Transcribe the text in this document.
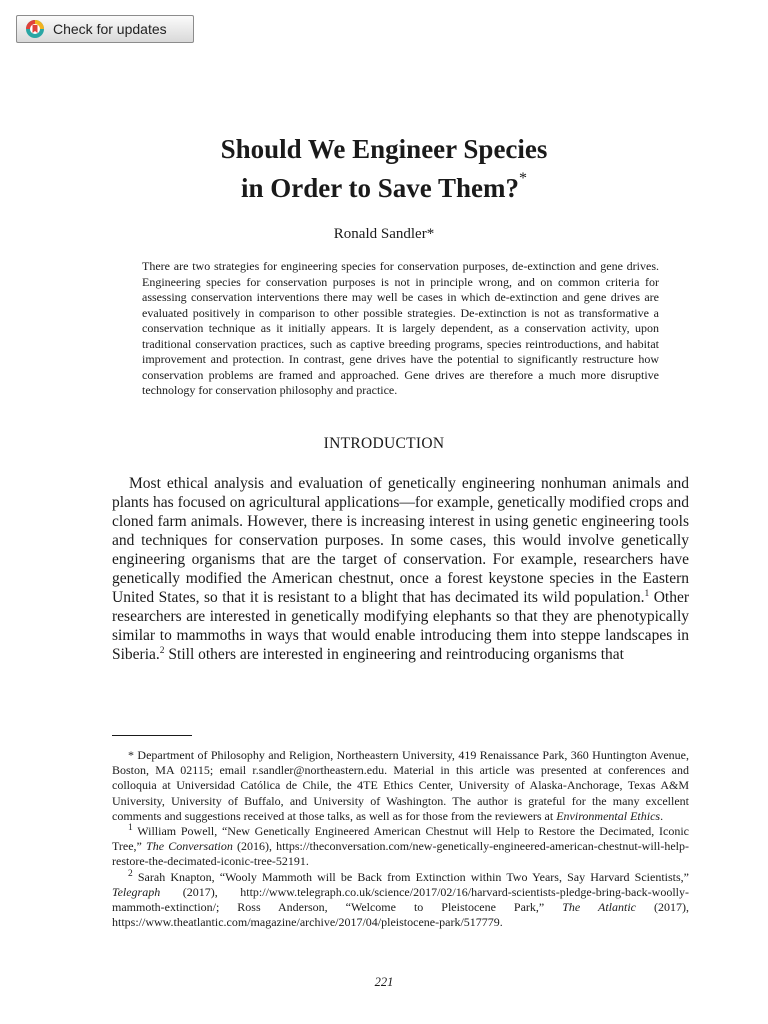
Check for updates
Should We Engineer Species
in Order to Save Them?*
Ronald Sandler*
There are two strategies for engineering species for conservation purposes, de-extinction and gene drives. Engineering species for conservation purposes is not in principle wrong, and on common criteria for assessing conservation interventions there may well be cases in which de-extinction and gene drives are evaluated positively in comparison to other possible strategies. De-extinction is not as transformative a conservation technique as it initially appears. It is largely dependent, as a conservation activity, upon traditional conservation practices, such as captive breeding programs, species reintroductions, and habitat improvement and protection. In contrast, gene drives have the potential to significantly restructure how conservation problems are framed and approached. Gene drives are therefore a much more disruptive technology for conservation philosophy and practice.
INTRODUCTION

Most ethical analysis and evaluation of genetically engineering nonhuman animals and plants has focused on agricultural applications—for example, genetically modified crops and cloned farm animals. However, there is increasing interest in using genetic engineering tools and techniques for conservation purposes. In some cases, this would involve genetically engineering organisms that are the target of conservation. For example, researchers have genetically modified the American chestnut, once a forest keystone species in the Eastern United States, so that it is resistant to a blight that has decimated its wild population.$^1$ Other researchers are interested in genetically modifying elephants so that they are phenotypically similar to mammoths in ways that would enable introducing them into steppe landscapes in Siberia.$^2$ Still others are interested in engineering and reintroducing organisms that

* Department of Philosophy and Religion, Northeastern University, 419 Renaissance Park, 360 Huntington Avenue, Boston, MA 02115; email r.sandler@northeastern.edu. Material in this article was presented at conferences and colloquia at Universidad Católica de Chile, the 4TE Ethics Center, University of Alaska-Anchorage, Texas A&M University, University of Buffalo, and University of Washington. The author is grateful for the many excellent comments and suggestions received at those talks, as well as for those from the reviewers at Environmental Ethics.

$^1$ William Powell, “New Genetically Engineered American Chestnut will Help to Restore the Decimated, Iconic Tree,” The Conversation (2016), https://theconversation.com/new-genetically-engineered-american-chestnut-will-help-restore-the-decimated-iconic-tree-52191.

$^2$ Sarah Knapton, “Wooly Mammoth will be Back from Extinction within Two Years, Say Harvard Scientists,” Telegraph (2017), http://www.telegraph.co.uk/science/2017/02/16/harvard-scientists-pledge-bring-back-woolly-mammoth-extinction/; Ross Anderson, “Welcome to Pleistocene Park,” The Atlantic (2017), https://www.theatlantic.com/magazine/archive/2017/04/pleistocene-park/517779.

221
